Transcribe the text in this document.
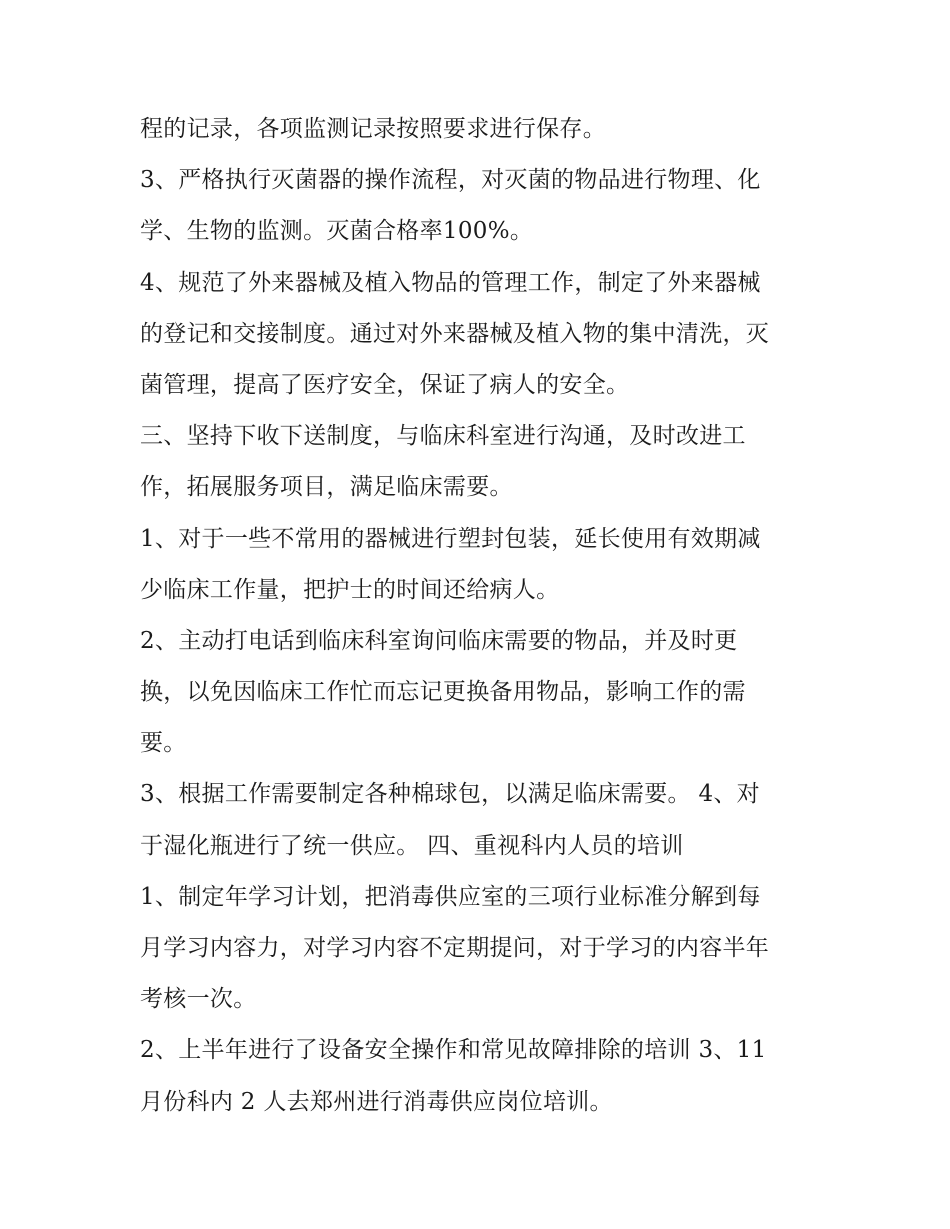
程的记录，各项监测记录按照要求进行保存。
3、严格执行灭菌器的操作流程，对灭菌的物品进行物理、化
学、生物的监测。灭菌合格率100%。
4、规范了外来器械及植入物品的管理工作，制定了外来器械
的登记和交接制度。通过对外来器械及植入物的集中清洗，灭
菌管理，提高了医疗安全，保证了病人的安全。
三、坚持下收下送制度，与临床科室进行沟通，及时改进工
作，拓展服务项目，满足临床需要。
1、对于一些不常用的器械进行塑封包装，延长使用有效期减
少临床工作量，把护士的时间还给病人。
2、主动打电话到临床科室询问临床需要的物品，并及时更
换，以免因临床工作忙而忘记更换备用物品，影响工作的需
要。
3、根据工作需要制定各种棉球包，以满足临床需要。 4、对
于湿化瓶进行了统一供应。 四、重视科内人员的培训
1、制定年学习计划，把消毒供应室的三项行业标准分解到每
月学习内容力，对学习内容不定期提问，对于学习的内容半年
考核一次。
2、上半年进行了设备安全操作和常见故障排除的培训 3、11
月份科内 2 人去郑州进行消毒供应岗位培训。
